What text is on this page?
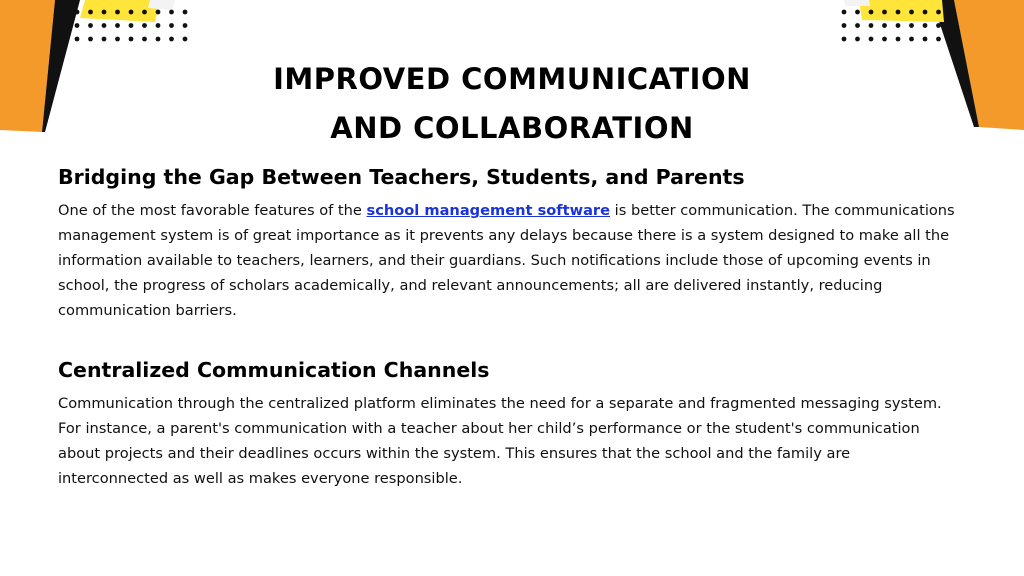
IMPROVED COMMUNICATION
AND COLLABORATION
Bridging the Gap Between Teachers, Students, and Parents

One of the most favorable features of the school management software is better communication. The communications management system is of great importance as it prevents any delays because there is a system designed to make all the information available to teachers, learners, and their guardians. Such notifications include those of upcoming events in school, the progress of scholars academically, and relevant announcements; all are delivered instantly, reducing communication barriers.

Centralized Communication Channels

Communication through the centralized platform eliminates the need for a separate and fragmented messaging system. For instance, a parent's communication with a teacher about her child’s performance or the student's communication about projects and their deadlines occurs within the system. This ensures that the school and the family are interconnected as well as makes everyone responsible.
